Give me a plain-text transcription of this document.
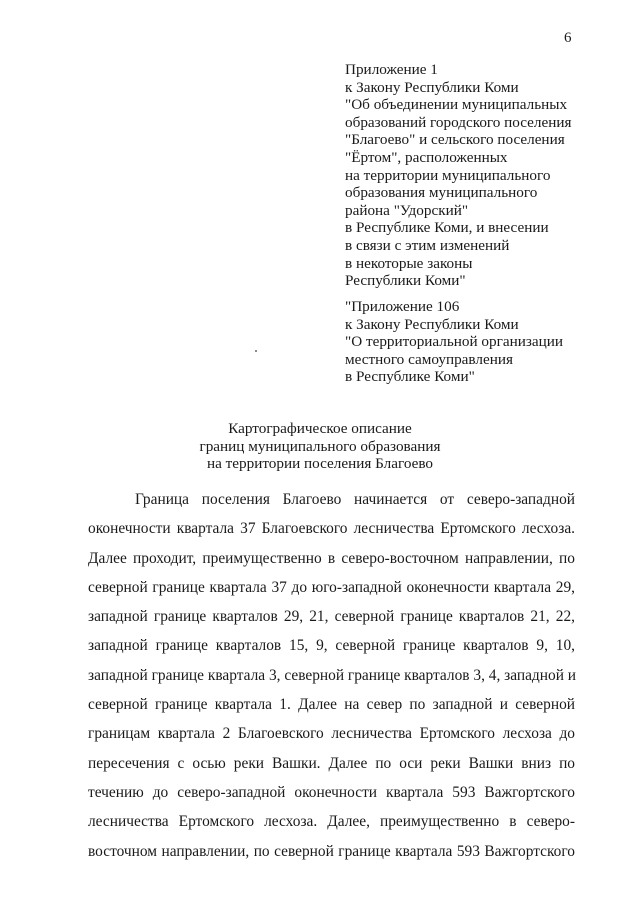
6
Приложение 1
к Закону Республики Коми
"Об объединении муниципальных
образований городского поселения
"Благоево" и сельского поселения
"Ёртом", расположенных
на территории муниципального
образования муниципального
района "Удорский"
в Республике Коми, и внесении
в связи с этим изменений
в некоторые законы
Республики Коми"
"Приложение 106
к Закону Республики Коми
"О территориальной организации
местного самоуправления
в Республике Коми"
Картографическое описание
границ муниципального образования
на территории поселения Благоево
Граница поселения Благоево начинается от северо-западной
оконечности квартала 37 Благоевского лесничества Ертомского лесхоза.
Далее проходит, преимущественно в северо-восточном направлении, по
северной границе квартала 37 до юго-западной оконечности квартала 29,
западной границе кварталов 29, 21, северной границе кварталов 21, 22,
западной границе кварталов 15, 9, северной границе кварталов 9, 10,
западной границе квартала 3, северной границе кварталов 3, 4, западной и
северной границе квартала 1. Далее на север по западной и северной
границам квартала 2 Благоевского лесничества Ертомского лесхоза до
пересечения с осью реки Вашки. Далее по оси реки Вашки вниз по
течению до северо-западной оконечности квартала 593 Важгортского
лесничества Ертомского лесхоза. Далее, преимущественно в северо-
восточном направлении, по северной границе квартала 593 Важгортского
